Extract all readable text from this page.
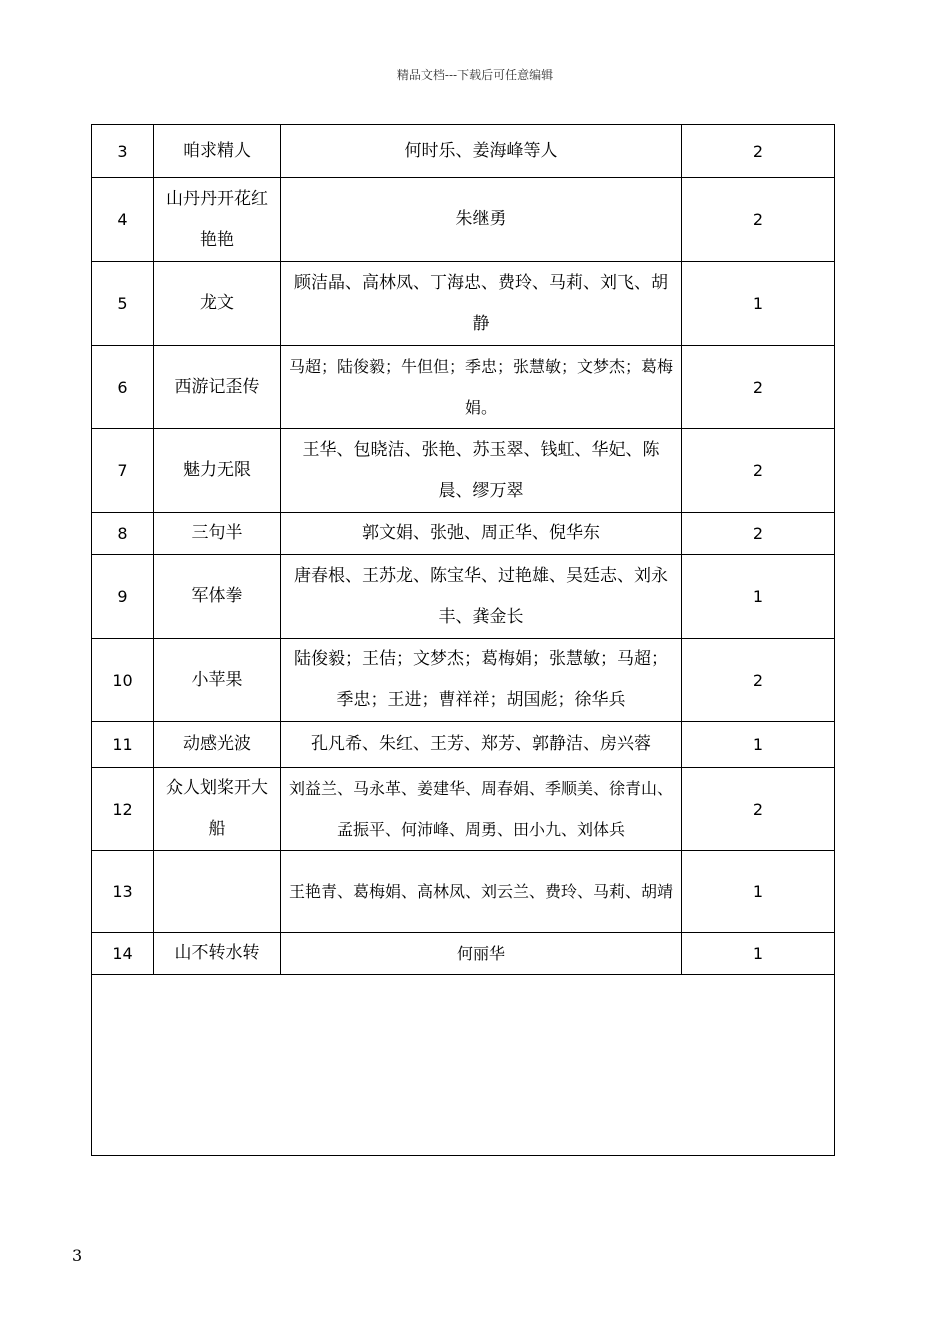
精品文档---下载后可任意编辑
3	咱求精人	何时乐、姜海峰等人	2
4	山丹丹开花红艳艳	朱继勇	2
5	龙文	顾洁晶、高林凤、丁海忠、费玲、马莉、刘飞、胡静	1
6	西游记歪传	马超；陆俊毅；牛但但；季忠；张慧敏；文梦杰；葛梅娟。	2
7	魅力无限	王华、包晓洁、张艳、苏玉翠、钱虹、华妃、陈晨、缪万翠	2
8	三句半	郭文娟、张弛、周正华、倪华东	2
9	军体拳	唐春根、王苏龙、陈宝华、过艳雄、吴廷志、刘永丰、龚金长	1
10	小苹果	陆俊毅；王佶；文梦杰；葛梅娟；张慧敏；马超；季忠；王进；曹祥祥；胡国彪；徐华兵	2
11	动感光波	孔凡希、朱红、王芳、郑芳、郭静洁、房兴蓉	1
12	众人划桨开大船	刘益兰、马永革、姜建华、周春娟、季顺美、徐青山、孟振平、何沛峰、周勇、田小九、刘体兵	2
13		王艳青、葛梅娟、高林凤、刘云兰、费玲、马莉、胡靖	1
14	山不转水转	何丽华	1

3
